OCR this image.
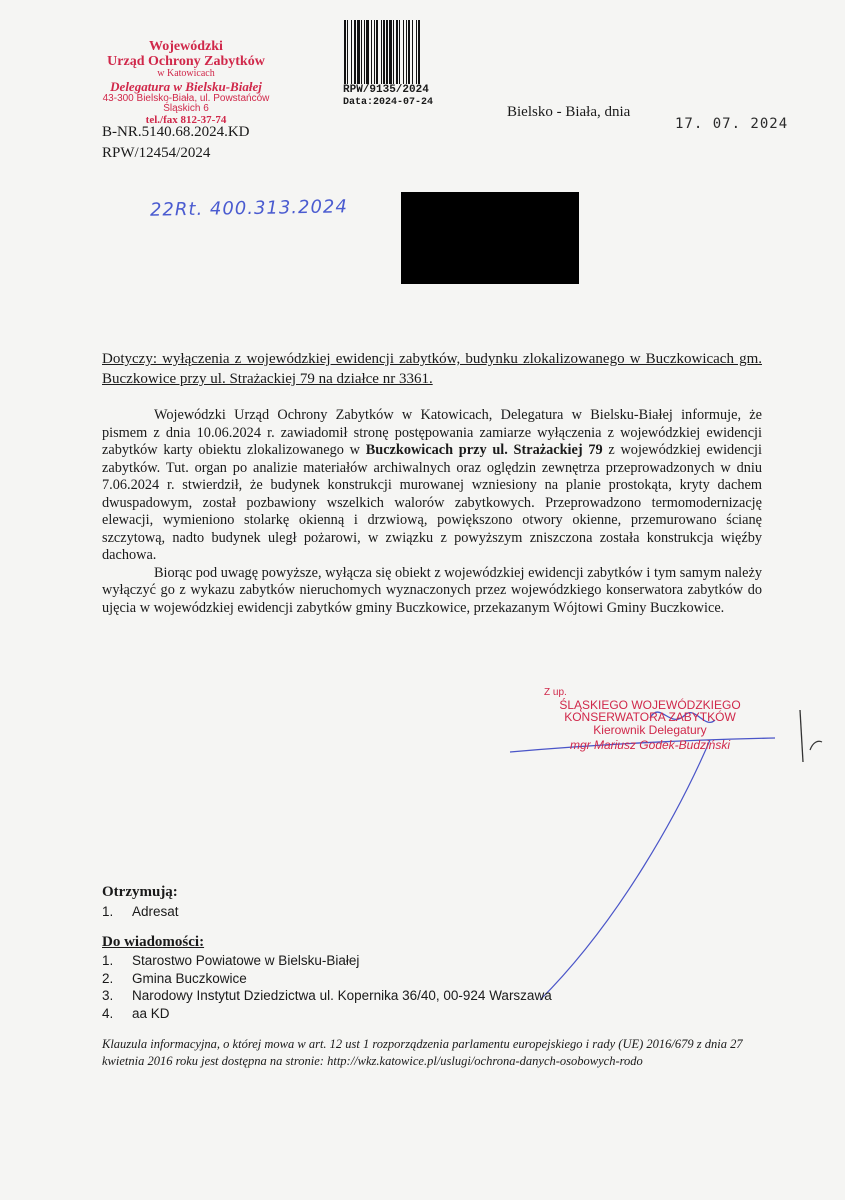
Wojewódzki
Urząd Ochrony Zabytków
w Katowicach
Delegatura w Bielsku-Białej
43-300 Bielsko-Biała, ul. Powstańców Śląskich 6
tel./fax 812-37-74
B-NR.5140.68.2024.KD
RPW/12454/2024
RPW/9135/2024
Data:2024-07-24
Bielsko - Biała, dnia
17. 07. 2024
22Rt. 400.313.2024
Dotyczy: wyłączenia z wojewódzkiej ewidencji zabytków, budynku zlokalizowanego w Buczkowicach gm. Buczkowice przy ul. Strażackiej 79 na działce nr 3361.

Wojewódzki Urząd Ochrony Zabytków w Katowicach, Delegatura w Bielsku-Białej informuje, że pismem z dnia 10.06.2024 r. zawiadomił stronę postępowania zamiarze wyłączenia z wojewódzkiej ewidencji zabytków karty obiektu zlokalizowanego w Buczkowicach przy ul. Strażackiej 79 z wojewódzkiej ewidencji zabytków. Tut. organ po analizie materiałów archiwalnych oraz oględzin zewnętrza przeprowadzonych w dniu 7.06.2024 r. stwierdził, że budynek konstrukcji murowanej wzniesiony na planie prostokąta, kryty dachem dwuspadowym, został pozbawiony wszelkich walorów zabytkowych. Przeprowadzono termomodernizację elewacji, wymieniono stolarkę okienną i drzwiową, powiększono otwory okienne, przemurowano ścianę szczytową, nadto budynek uległ pożarowi, w związku z powyższym zniszczona została konstrukcja więźby dachowa.

Biorąc pod uwagę powyższe, wyłącza się obiekt z wojewódzkiej ewidencji zabytków i tym samym należy wyłączyć go z wykazu zabytków nieruchomych wyznaczonych przez wojewódzkiego konserwatora zabytków do ujęcia w wojewódzkiej ewidencji zabytków gminy Buczkowice, przekazanym Wójtowi Gminy Buczkowice.

Z up.
ŚLĄSKIEGO WOJEWÓDZKIEGO
KONSERWATORA ZABYTKÓW
Kierownik Delegatury
mgr Mariusz Godek-Budziński
Otrzymują:
1.	Adresat
Do wiadomości:
1.	Starostwo Powiatowe w Bielsku-Białej
2.	Gmina Buczkowice
3.	Narodowy Instytut Dziedzictwa ul. Kopernika 36/40, 00-924 Warszawa
4.	aa KD
Klauzula informacyjna, o której mowa w art. 12 ust 1 rozporządzenia parlamentu europejskiego i rady (UE) 2016/679 z dnia 27 kwietnia 2016 roku jest dostępna na stronie: http://wkz.katowice.pl/uslugi/ochrona-danych-osobowych-rodo
